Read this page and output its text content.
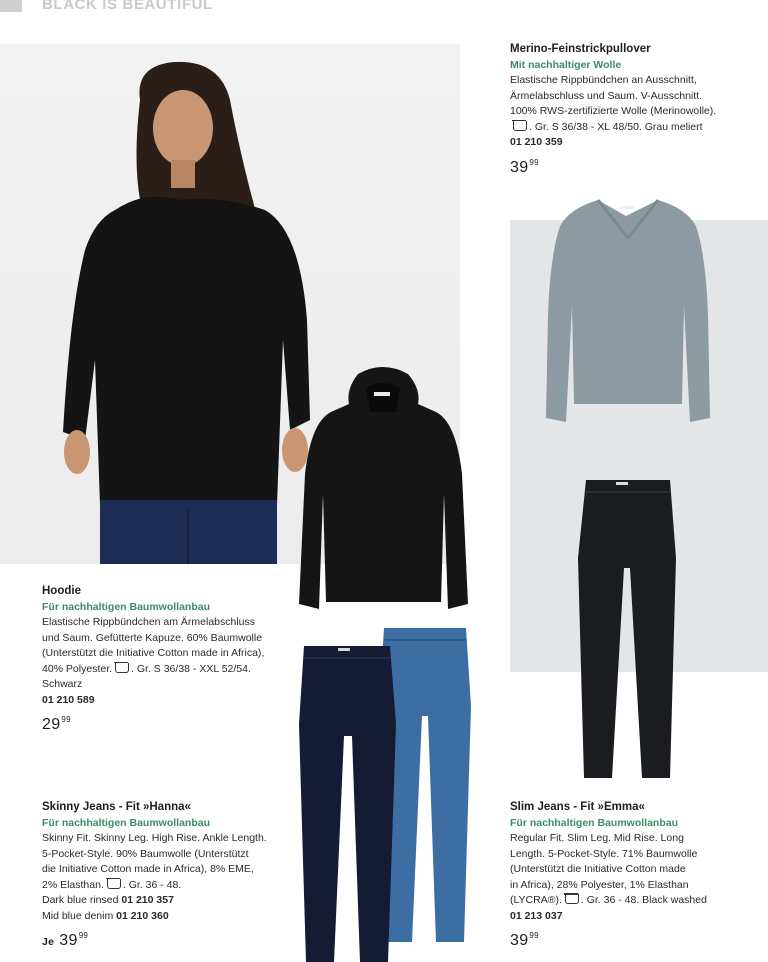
BLACK IS BEAUTIFUL

Merino-Feinstrickpullover

Mit nachhaltiger Wolle

Elastische Rippbündchen an Ausschnitt,

Ärmelabschluss und Saum. V-Ausschnitt.

100% RWS-zertifizierte Wolle (Merinowolle).

. Gr. S 36/38 - XL 48/50. Grau meliert

01 210 359

$39^{99}$

Hoodie

Für nachhaltigen Baumwollanbau

Elastische Rippbündchen am Ärmelabschluss

und Saum. Gefütterte Kapuze. 60% Baumwolle

(Unterstützt die Initiative Cotton made in Africa),

40% Polyester. . Gr. S 36/38 - XXL 52/54.

Schwarz

01 210 589

$29^{99}$

Skinny Jeans - Fit »Hanna«

Für nachhaltigen Baumwollanbau

Skinny Fit. Skinny Leg. High Rise. Ankle Length.

5-Pocket-Style. 90% Baumwolle (Unterstützt

die Initiative Cotton made in Africa), 8% EME,

2% Elasthan. . Gr. 36 - 48.

Dark blue rinsed 01 210 357

Mid blue denim 01 210 360

Je $39^{99}$

Slim Jeans - Fit »Emma«

Für nachhaltigen Baumwollanbau

Regular Fit. Slim Leg. Mid Rise. Long

Length. 5-Pocket-Style. 71% Baumwolle

(Unterstützt die Initiative Cotton made

in Africa), 28% Polyester, 1% Elasthan

(LYCRA®). . Gr. 36 - 48. Black washed

01 213 037

$39^{99}$
